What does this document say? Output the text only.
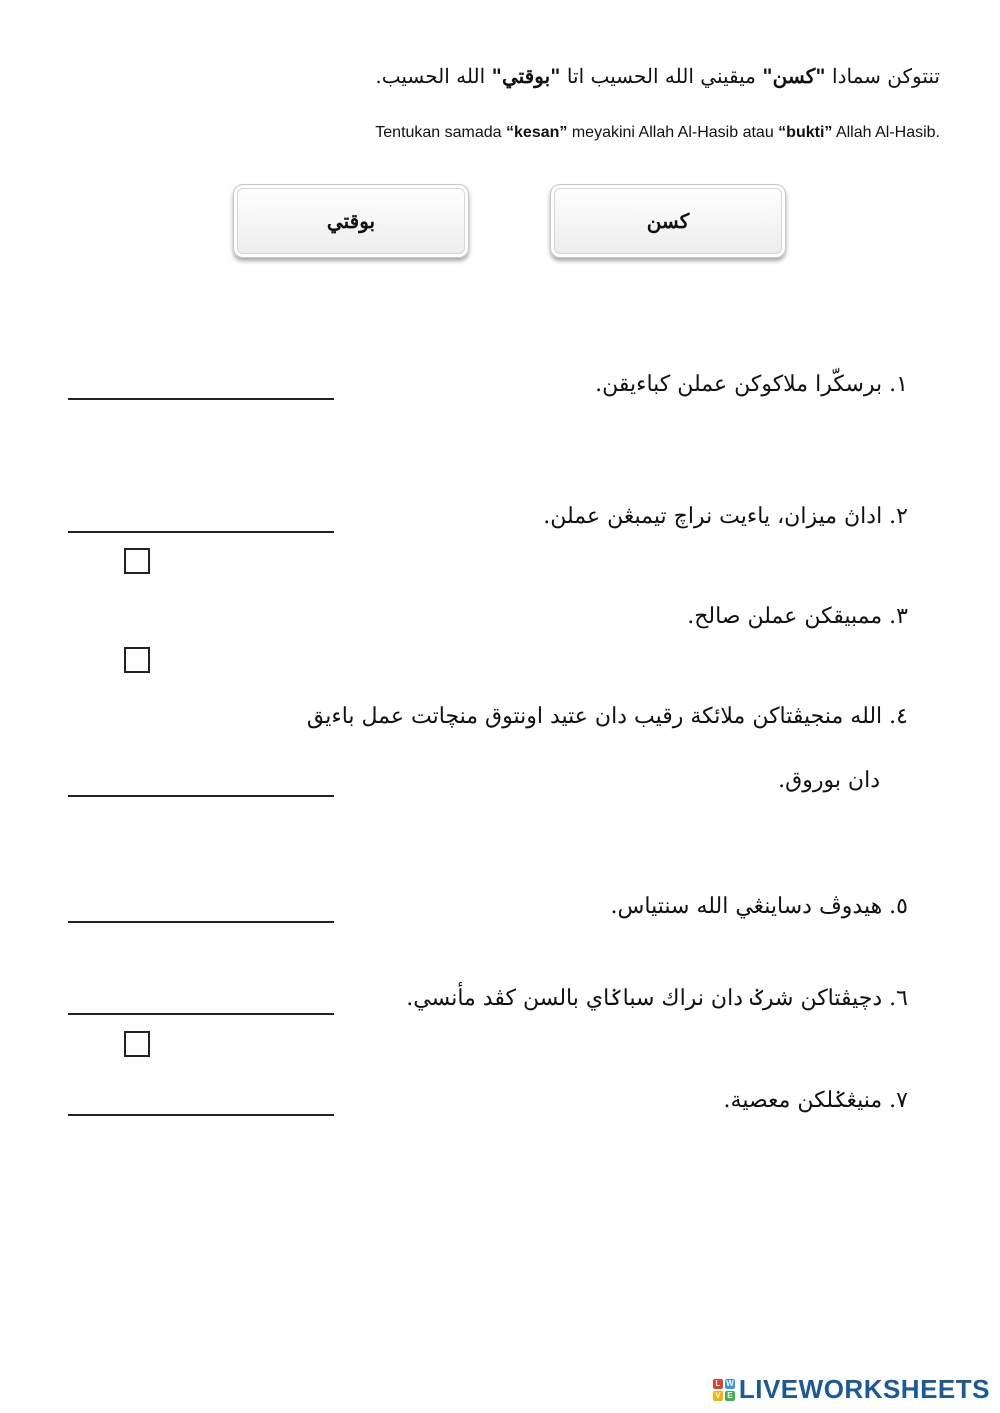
تنتوكن سمادا "كسن" ميقيني الله الحسيب اتا "بوقتي" الله الحسيب.
Tentukan samada “kesan” meyakini Allah Al-Hasib atau “bukti” Allah Al-Hasib.
كسن
بوقتي
١. برسكّرا ملاكوكن عملن كباءيقن.
٢. اداڽ ميزان، ياءيت نراچ تيمبڠن عملن.
٣. ممبيقكن عملن صالح.
٤. الله منجيڤتاكن ملائكة رقيب دان عتيد اونتوق منچاتت عمل باءيق
دان بوروق.
٥. هيدوڤ دساينڠي الله سنتياس.
٦. دچيڤتاكن شرݢ دان نراك سباݢاي بالسن كڤد مأنسي.
٧. منيڠݢلكن معصية.
L W
V E LIVEWORKSHEETS
